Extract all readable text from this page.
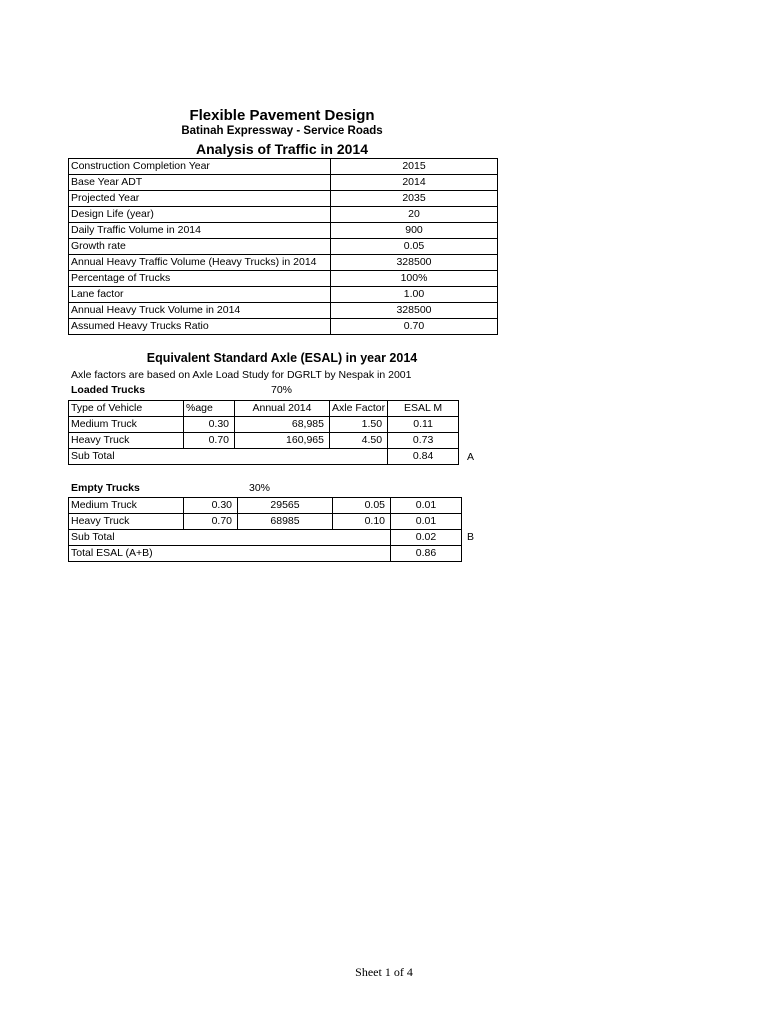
Flexible Pavement Design
Batinah Expressway - Service Roads
Analysis of Traffic in 2014
Construction Completion Year	2015
Base Year ADT	2014
Projected Year	2035
Design Life (year)	20
Daily Traffic Volume in 2014	900
Growth rate	0.05
Annual Heavy Traffic Volume (Heavy Trucks) in 2014	328500
Percentage of Trucks	100%
Lane factor	1.00
Annual Heavy Truck Volume in 2014	328500
Assumed Heavy Trucks Ratio	0.70
Equivalent Standard Axle (ESAL) in year 2014
Axle factors are based on Axle Load Study for DGRLT by Nespak in 2001
Loaded Trucks	70%
Type of Vehicle	%age	Annual 2014	Axle Factor	ESAL M
Medium Truck	0.30	68,985	1.50	0.11
Heavy Truck	0.70	160,965	4.50	0.73
Sub Total				0.84	A
Empty Trucks	30%
Medium Truck	0.30	29565	0.05	0.01
Heavy Truck	0.70	68985	0.10	0.01
Sub Total				0.02
Total ESAL (A+B)				0.86
B
Sheet 1 of 4
